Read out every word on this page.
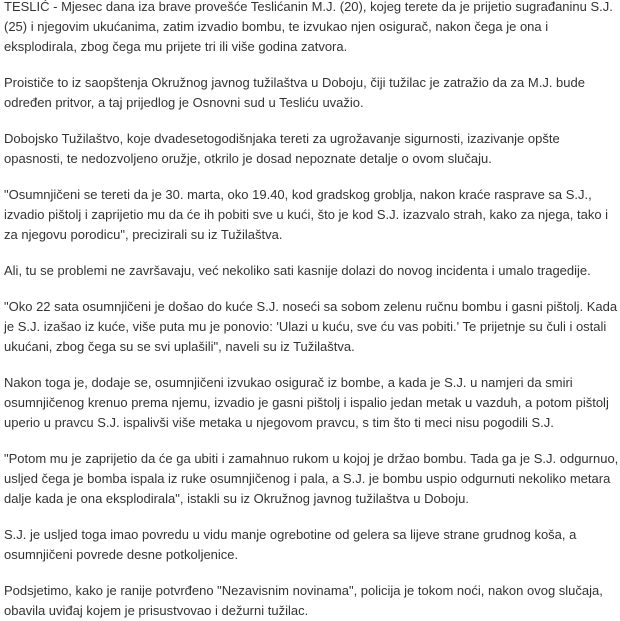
TESLIĆ - Mjesec dana iza brave provešće Teslićanin M.J. (20), kojeg terete da je prijetio sugrađaninu S.J. (25) i njegovim ukućanima, zatim izvadio bombu, te izvukao njen osigurač, nakon čega je ona i eksplodirala, zbog čega mu prijete tri ili više godina zatvora.

Proističe to iz saopštenja Okružnog javnog tužilaštva u Doboju, čiji tužilac je zatražio da za M.J. bude određen pritvor, a taj prijedlog je Osnovni sud u Tesliću uvažio.

Dobojsko Tužilaštvo, koje dvadesetogodišnjaka tereti za ugrožavanje sigurnosti, izazivanje opšte opasnosti, te nedozvoljeno oružje, otkrilo je dosad nepoznate detalje o ovom slučaju.

"Osumnjičeni se tereti da je 30. marta, oko 19.40, kod gradskog groblja, nakon kraće rasprave sa S.J., izvadio pištolj i zaprijetio mu da će ih pobiti sve u kući, što je kod S.J. izazvalo strah, kako za njega, tako i za njegovu porodicu", precizirali su iz Tužilaštva.

Ali, tu se problemi ne završavaju, već nekoliko sati kasnije dolazi do novog incidenta i umalo tragedije.

"Oko 22 sata osumnjičeni je došao do kuće S.J. noseći sa sobom zelenu ručnu bombu i gasni pištolj. Kada je S.J. izašao iz kuće, više puta mu je ponovio: 'Ulazi u kuću, sve ću vas pobiti.' Te prijetnje su čuli i ostali ukućani, zbog čega su se svi uplašili", naveli su iz Tužilaštva.

Nakon toga je, dodaje se, osumnjičeni izvukao osigurač iz bombe, a kada je S.J. u namjeri da smiri osumnjičenog krenuo prema njemu, izvadio je gasni pištolj i ispalio jedan metak u vazduh, a potom pištolj uperio u pravcu S.J. ispalivši više metaka u njegovom pravcu, s tim što ti meci nisu pogodili S.J.

"Potom mu je zaprijetio da će ga ubiti i zamahnuo rukom u kojoj je držao bombu. Tada ga je S.J. odgurnuo, usljed čega je bomba ispala iz ruke osumnjičenog i pala, a S.J. je bombu uspio odgurnuti nekoliko metara dalje kada je ona eksplodirala", istakli su iz Okružnog javnog tužilaštva u Doboju.

S.J. je usljed toga imao povredu u vidu manje ogrebotine od gelera sa lijeve strane grudnog koša, a osumnjičeni povrede desne potkoljenice.

Podsjetimo, kako je ranije potvrđeno "Nezavisnim novinama", policija je tokom noći, nakon ovog slučaja, obavila uviđaj kojem je prisustvovao i dežurni tužilac.
